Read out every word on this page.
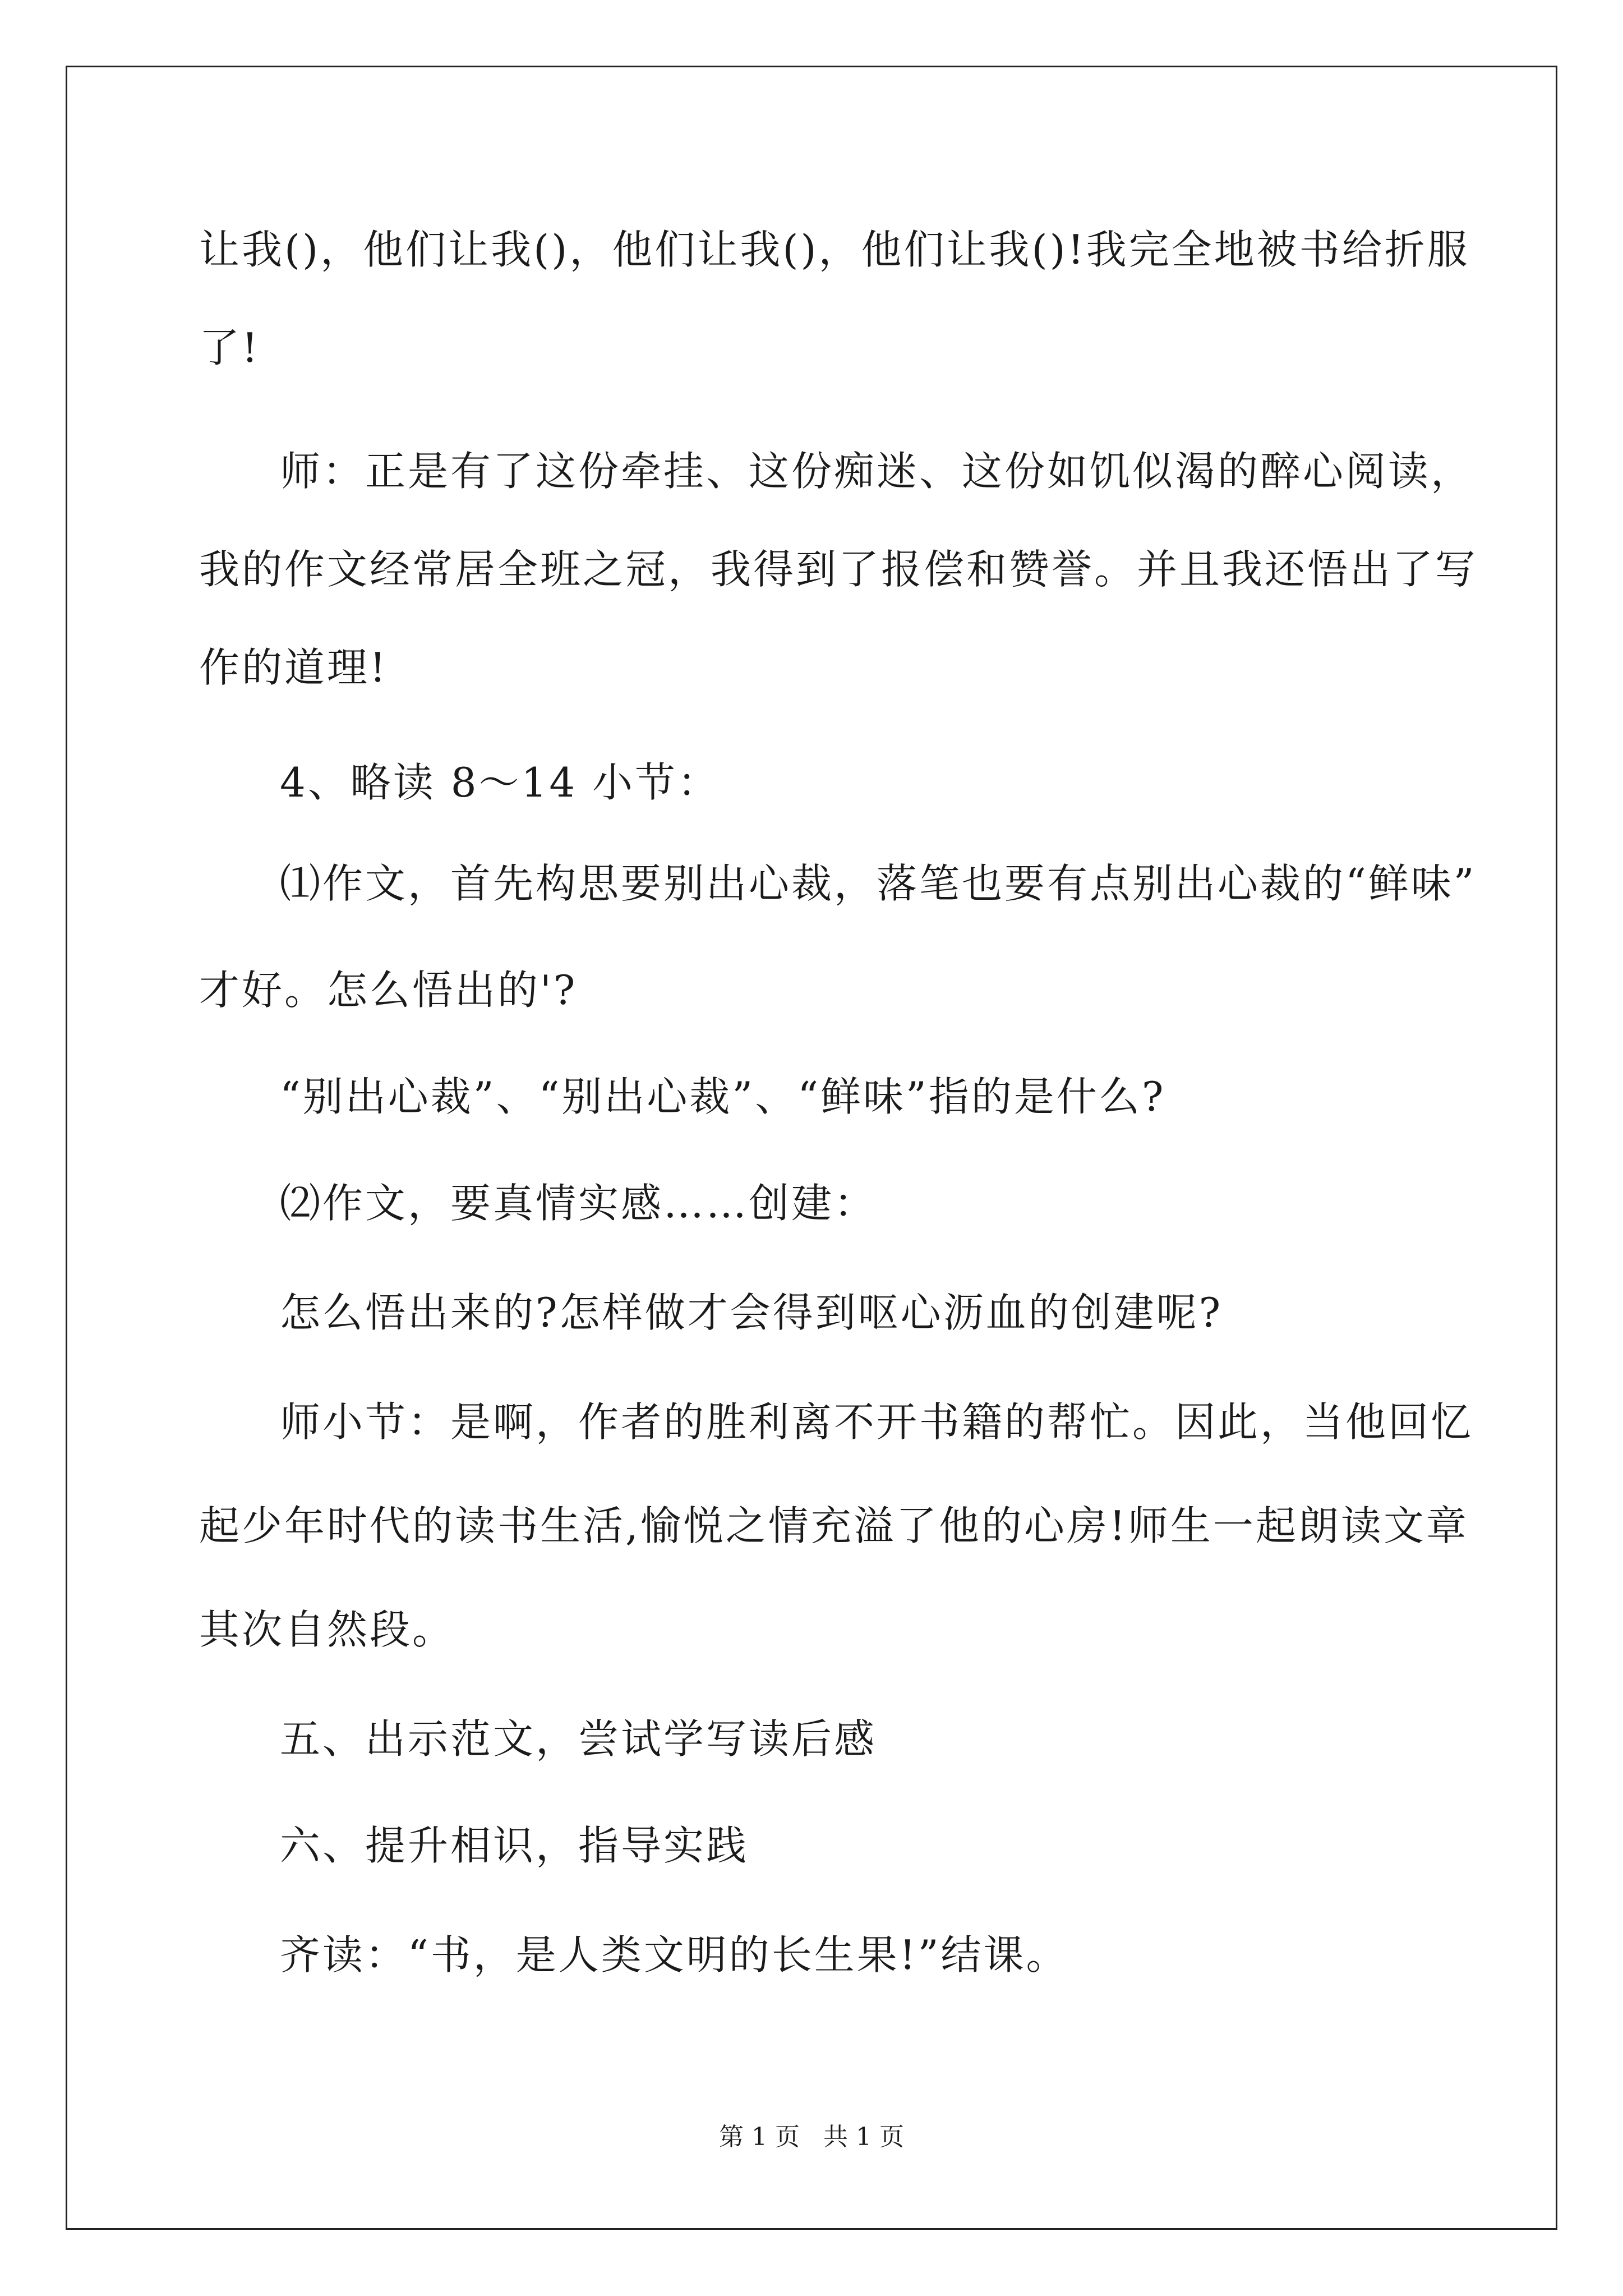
让我()，他们让我()，他们让我()，他们让我()!我完全地被书给折服
了!
师：正是有了这份牵挂、这份痴迷、这份如饥似渴的醉心阅读，
我的作文经常居全班之冠，我得到了报偿和赞誉。并且我还悟出了写
作的道理!
4、略读 8～14 小节：
⑴作文，首先构思要别出心裁，落笔也要有点别出心裁的“鲜味”
才好。怎么悟出的'?
“别出心裁”、“别出心裁”、“鲜味”指的是什么?
⑵作文，要真情实感……创建：
怎么悟出来的?怎样做才会得到呕心沥血的创建呢?
师小节：是啊，作者的胜利离不开书籍的帮忙。因此，当他回忆
起少年时代的读书生活,愉悦之情充溢了他的心房!师生一起朗读文章
其次自然段。
五、出示范文，尝试学写读后感
六、提升相识，指导实践
齐读：“书，是人类文明的长生果!”结课。
第 1 页   共 1 页
